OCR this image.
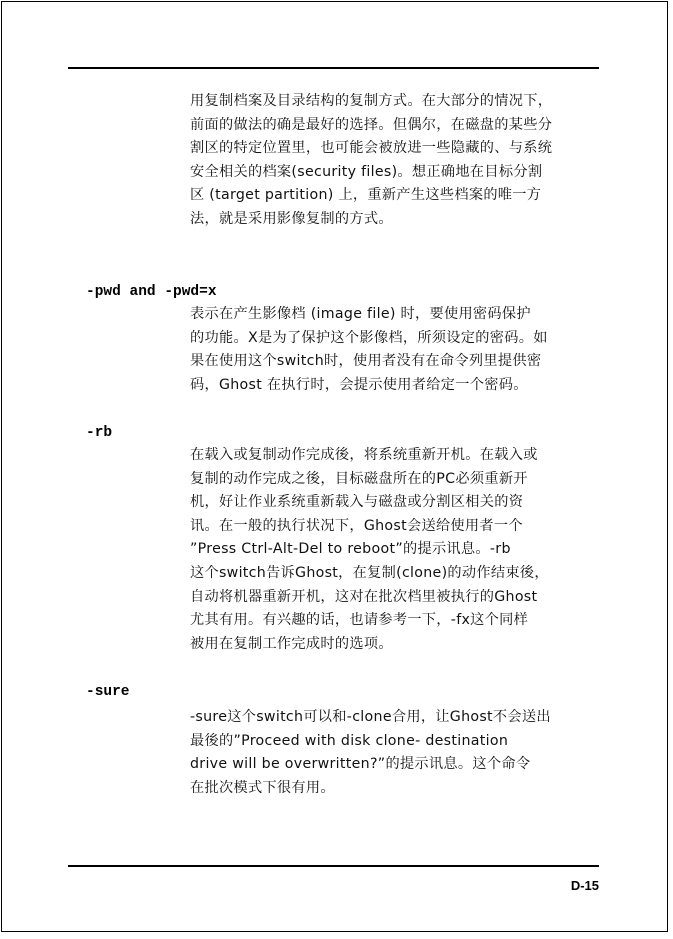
用复制档案及目录结构的复制方式。在大部分的情况下，
前面的做法的确是最好的选择。但偶尔，在磁盘的某些分
割区的特定位置里，也可能会被放进一些隐藏的、与系统
安全相关的档案(security files)。想正确地在目标分割
区 (target partition) 上，重新产生这些档案的唯一方
法，就是采用影像复制的方式。
-pwd and -pwd=x
表示在产生影像档 (image file) 时，要使用密码保护
的功能。X是为了保护这个影像档，所须设定的密码。如
果在使用这个switch时，使用者没有在命令列里提供密
码，Ghost 在执行时，会提示使用者给定一个密码。
-rb
在载入或复制动作完成後，将系统重新开机。在载入或
复制的动作完成之後，目标磁盘所在的PC必须重新开
机，好让作业系统重新载入与磁盘或分割区相关的资
讯。在一般的执行状况下，Ghost会送给使用者一个
”Press Ctrl-Alt-Del to reboot”的提示讯息。-rb
这个switch告诉Ghost，在复制(clone)的动作结束後，
自动将机器重新开机，这对在批次档里被执行的Ghost
尤其有用。有兴趣的话，也请参考一下，-fx这个同样
被用在复制工作完成时的选项。
-sure
-sure这个switch可以和-clone合用，让Ghost不会送出
最後的”Proceed with disk clone- destination
drive will be overwritten?”的提示讯息。这个命令
在批次模式下很有用。
D-15
